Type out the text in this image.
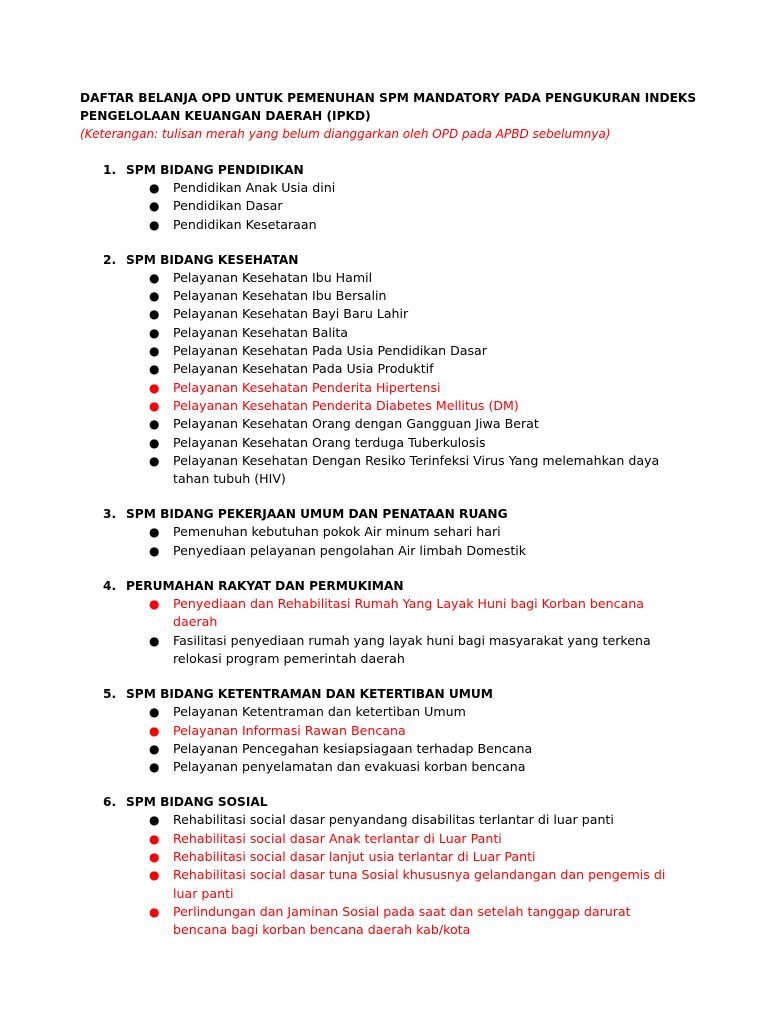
DAFTAR BELANJA OPD UNTUK PEMENUHAN SPM MANDATORY PADA PENGUKURAN INDEKS

PENGELOLAAN KEUANGAN DAERAH (IPKD)

(Keterangan: tulisan merah yang belum dianggarkan oleh OPD pada APBD sebelumnya)

1. SPM BIDANG PENDIDIKAN
● Pendidikan Anak Usia dini
● Pendidikan Dasar
● Pendidikan Kesetaraan
2. SPM BIDANG KESEHATAN
● Pelayanan Kesehatan Ibu Hamil
● Pelayanan Kesehatan Ibu Bersalin
● Pelayanan Kesehatan Bayi Baru Lahir
● Pelayanan Kesehatan Balita
● Pelayanan Kesehatan Pada Usia Pendidikan Dasar
● Pelayanan Kesehatan Pada Usia Produktif
● Pelayanan Kesehatan Penderita Hipertensi
● Pelayanan Kesehatan Penderita Diabetes Mellitus (DM)
● Pelayanan Kesehatan Orang dengan Gangguan Jiwa Berat
● Pelayanan Kesehatan Orang terduga Tuberkulosis
● Pelayanan Kesehatan Dengan Resiko Terinfeksi Virus Yang melemahkan daya tahan tubuh (HIV)
3. SPM BIDANG PEKERJAAN UMUM DAN PENATAAN RUANG
● Pemenuhan kebutuhan pokok Air minum sehari hari
● Penyediaan pelayanan pengolahan Air limbah Domestik
4. PERUMAHAN RAKYAT DAN PERMUKIMAN
● Penyediaan dan Rehabilitasi Rumah Yang Layak Huni bagi Korban bencana daerah
● Fasilitasi penyediaan rumah yang layak huni bagi masyarakat yang terkena relokasi program pemerintah daerah
5. SPM BIDANG KETENTRAMAN DAN KETERTIBAN UMUM
● Pelayanan Ketentraman dan ketertiban Umum
● Pelayanan Informasi Rawan Bencana
● Pelayanan Pencegahan kesiapsiagaan terhadap Bencana
● Pelayanan penyelamatan dan evakuasi korban bencana
6. SPM BIDANG SOSIAL
● Rehabilitasi social dasar penyandang disabilitas terlantar di luar panti
● Rehabilitasi social dasar Anak terlantar di Luar Panti
● Rehabilitasi social dasar lanjut usia terlantar di Luar Panti
● Rehabilitasi social dasar tuna Sosial khususnya gelandangan dan pengemis di luar panti
● Perlindungan dan Jaminan Sosial pada saat dan setelah tanggap darurat bencana bagi korban bencana daerah kab/kota
